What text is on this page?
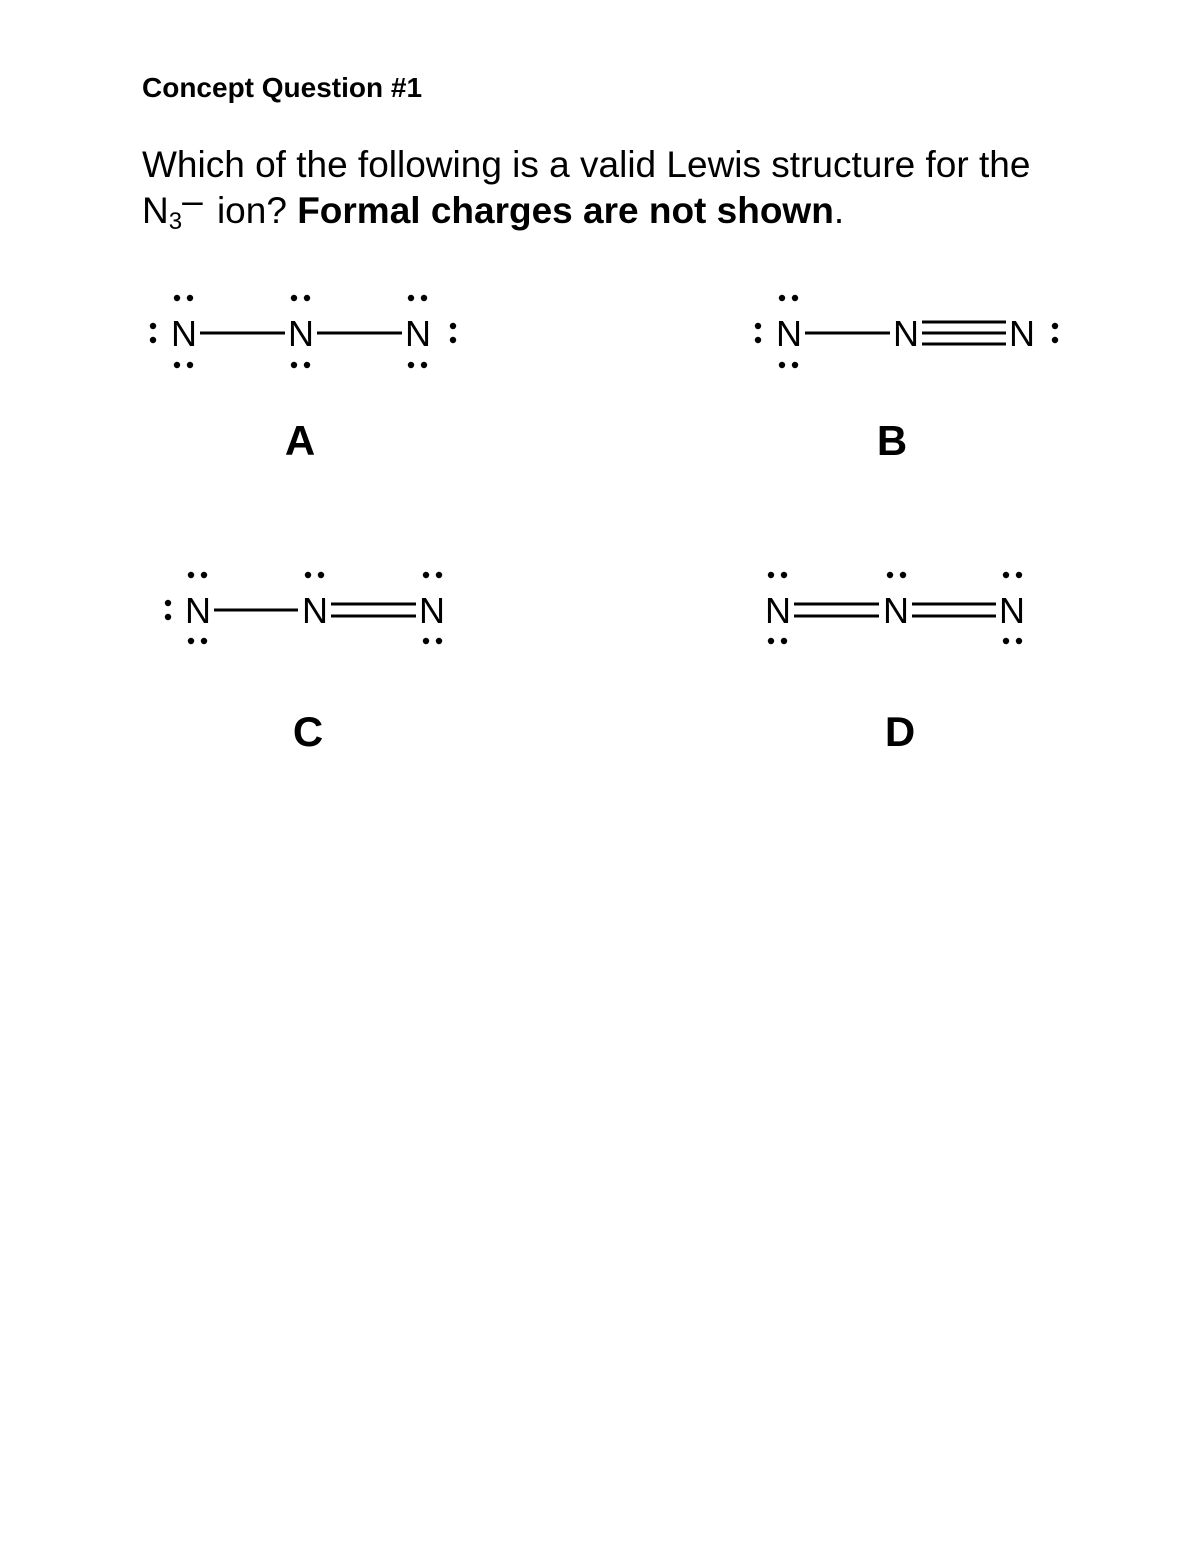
Concept Question #1
Which of the following is a valid Lewis structure for the
N3– ion? Formal charges are not shown.
N	N	N
A
N	N	N
B
N	N	N
C
N	N	N
D
